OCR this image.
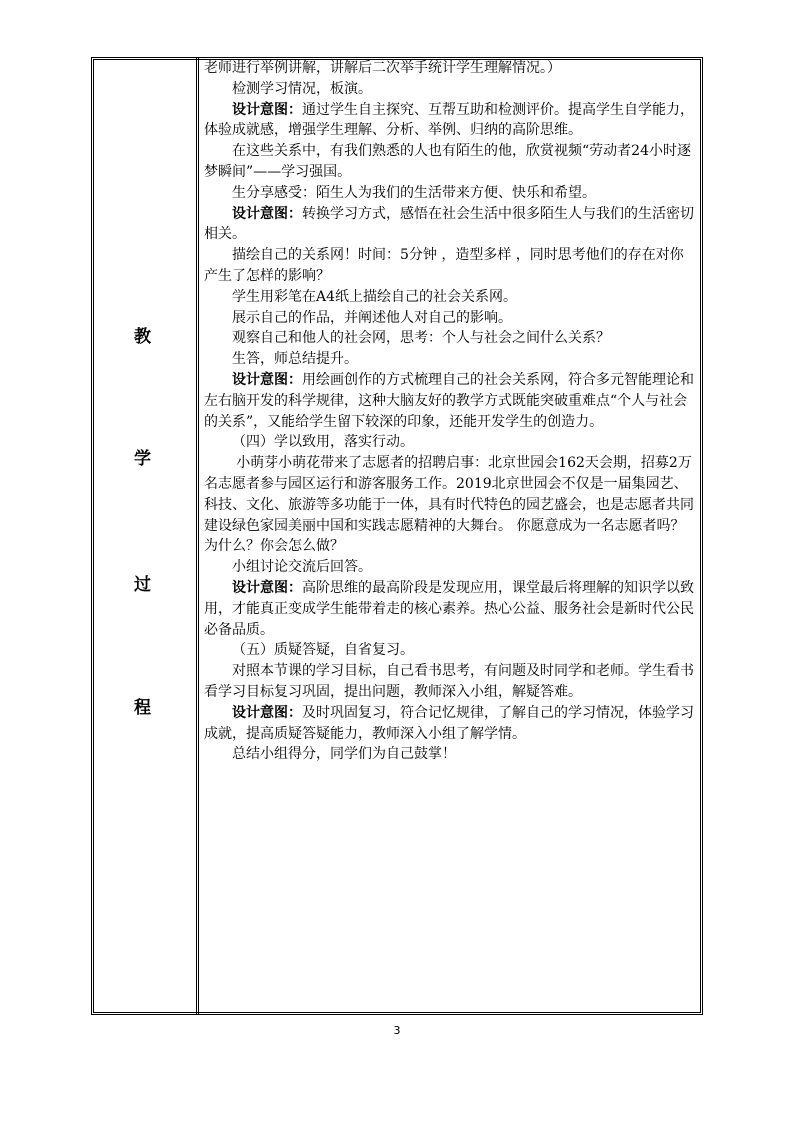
教
学
过
程

老师进行举例讲解，讲解后二次举手统计学生理解情况。）

检测学习情况，板演。

设计意图：通过学生自主探究、互帮互助和检测评价。提高学生自学能力，体验成就感，增强学生理解、分析、举例、归纳的高阶思维。

在这些关系中，有我们熟悉的人也有陌生的他，欣赏视频“劳动者24小时逐梦瞬间”——学习强国。

生分享感受：陌生人为我们的生活带来方便、快乐和希望。

设计意图：转换学习方式，感悟在社会生活中很多陌生人与我们的生活密切相关。

描绘自己的关系网！时间：5分钟 ，造型多样 ，同时思考他们的存在对你产生了怎样的影响？

学生用彩笔在A4纸上描绘自己的社会关系网。

展示自己的作品，并阐述他人对自己的影响。

观察自己和他人的社会网，思考：个人与社会之间什么关系？

生答，师总结提升。

设计意图：用绘画创作的方式梳理自己的社会关系网，符合多元智能理论和左右脑开发的科学规律，这种大脑友好的教学方式既能突破重难点“个人与社会的关系”，又能给学生留下较深的印象，还能开发学生的创造力。

（四）学以致用，落实行动。

小萌芽小萌花带来了志愿者的招聘启事：北京世园会162天会期，招募2万名志愿者参与园区运行和游客服务工作。2019北京世园会不仅是一届集园艺、科技、文化、旅游等多功能于一体，具有时代特色的园艺盛会，也是志愿者共同建设绿色家园美丽中国和实践志愿精神的大舞台。 你愿意成为一名志愿者吗？为什么？你会怎么做？

小组讨论交流后回答。

设计意图：高阶思维的最高阶段是发现应用，课堂最后将理解的知识学以致用，才能真正变成学生能带着走的核心素养。热心公益、服务社会是新时代公民必备品质。

（五）质疑答疑，自省复习。

对照本节课的学习目标，自己看书思考，有问题及时同学和老师。学生看书看学习目标复习巩固，提出问题，教师深入小组，解疑答难。

设计意图：及时巩固复习，符合记忆规律，了解自己的学习情况，体验学习成就，提高质疑答疑能力，教师深入小组了解学情。

总结小组得分，同学们为自己鼓掌！

3
